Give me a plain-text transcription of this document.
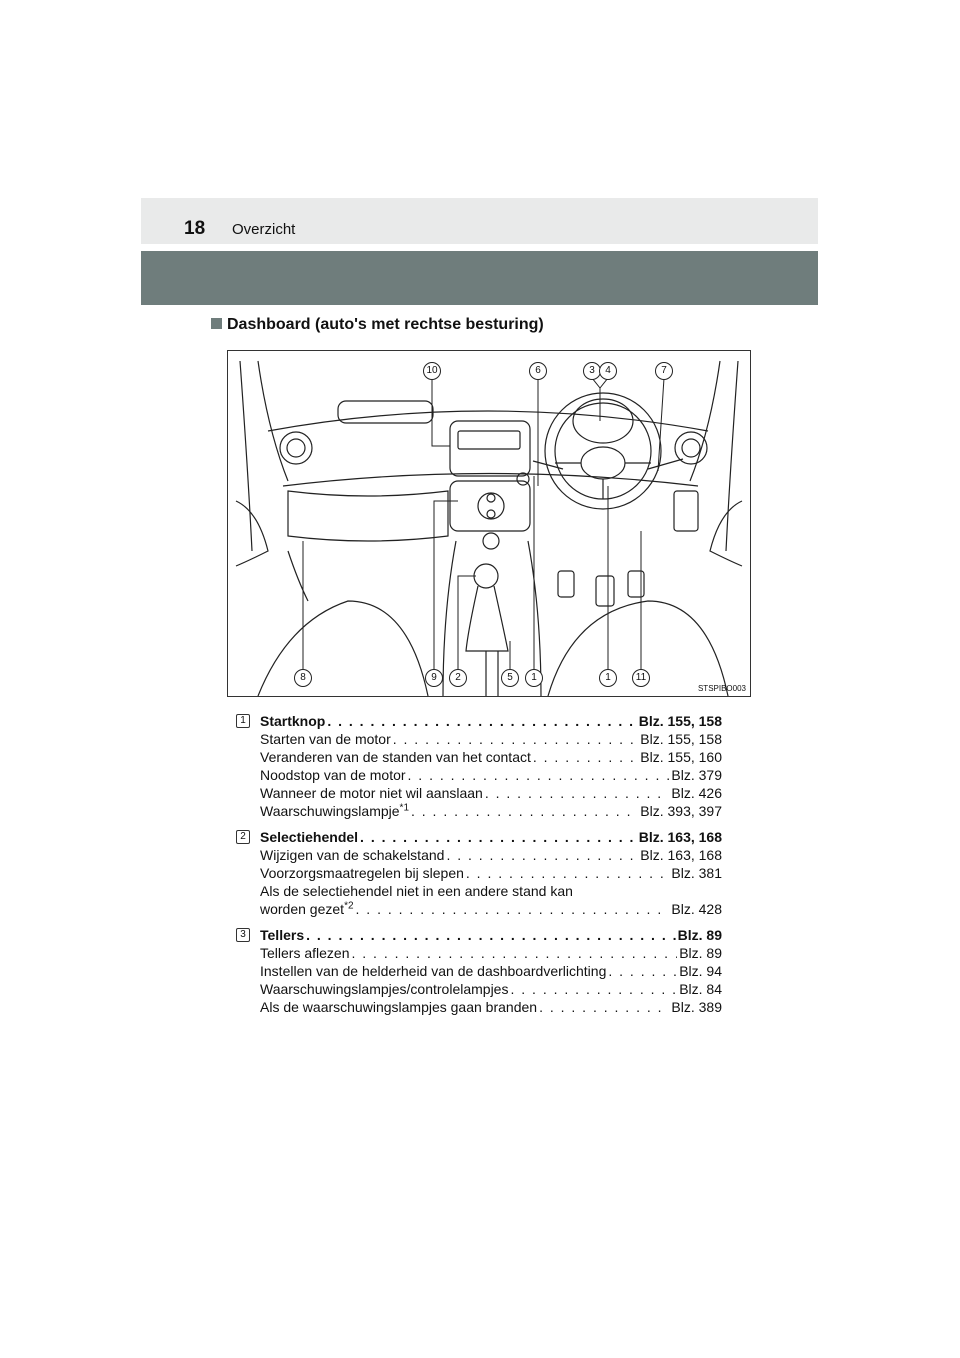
18 Overzicht
Dashboard (auto's met rechtse besturing)
10	6	3	4	7
8	9	2	5	1	1	11
STSPIBO003
1	Startknop . . .	Blz. 155, 158
Starten van de motor . . .	Blz. 155, 158
Veranderen van de standen van het contact . . .	Blz. 155, 160
Noodstop van de motor . . .	Blz. 379
Wanneer de motor niet wil aanslaan . . .	Blz. 426
Waarschuwingslampje$^{*1}$ . . .	Blz. 393, 397
2	Selectiehendel . . .	Blz. 163, 168
Wijzigen van de schakelstand . . .	Blz. 163, 168
Voorzorgsmaatregelen bij slepen . . .	Blz. 381
Als de selectiehendel niet in een andere stand kan
worden gezet$^{*2}$ . . .	Blz. 428
3	Tellers . . .	Blz. 89
Tellers aflezen . . .	Blz. 89
Instellen van de helderheid van de dashboardverlichting . . .	Blz. 94
Waarschuwingslampjes/controlelampjes . . .	Blz. 84
Als de waarschuwingslampjes gaan branden . . .	Blz. 389
